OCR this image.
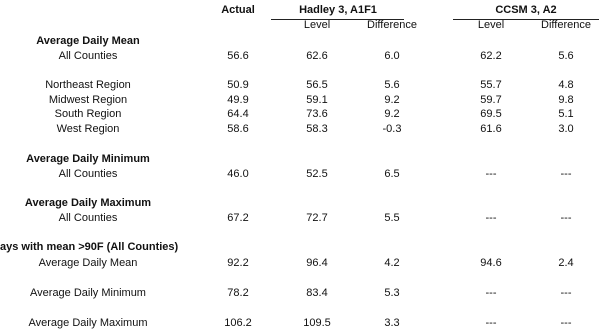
Actual	Hadley 3, A1F1	CCSM 3, A2
Level	Difference	Level	Difference
Average Daily Mean
All Counties	56.6	62.6	6.0	62.2	5.6
Northeast Region	50.9	56.5	5.6	55.7	4.8
Midwest Region	49.9	59.1	9.2	59.7	9.8
South Region	64.4	73.6	9.2	69.5	5.1
West Region	58.6	58.3	-0.3	61.6	3.0
Average Daily Minimum
All Counties	46.0	52.5	6.5	---	---
Average Daily Maximum
All Counties	67.2	72.7	5.5	---	---
ays with mean >90F (All Counties)
Average Daily Mean	92.2	96.4	4.2	94.6	2.4
Average Daily Minimum	78.2	83.4	5.3	---	---
Average Daily Maximum	106.2	109.5	3.3	---	---
